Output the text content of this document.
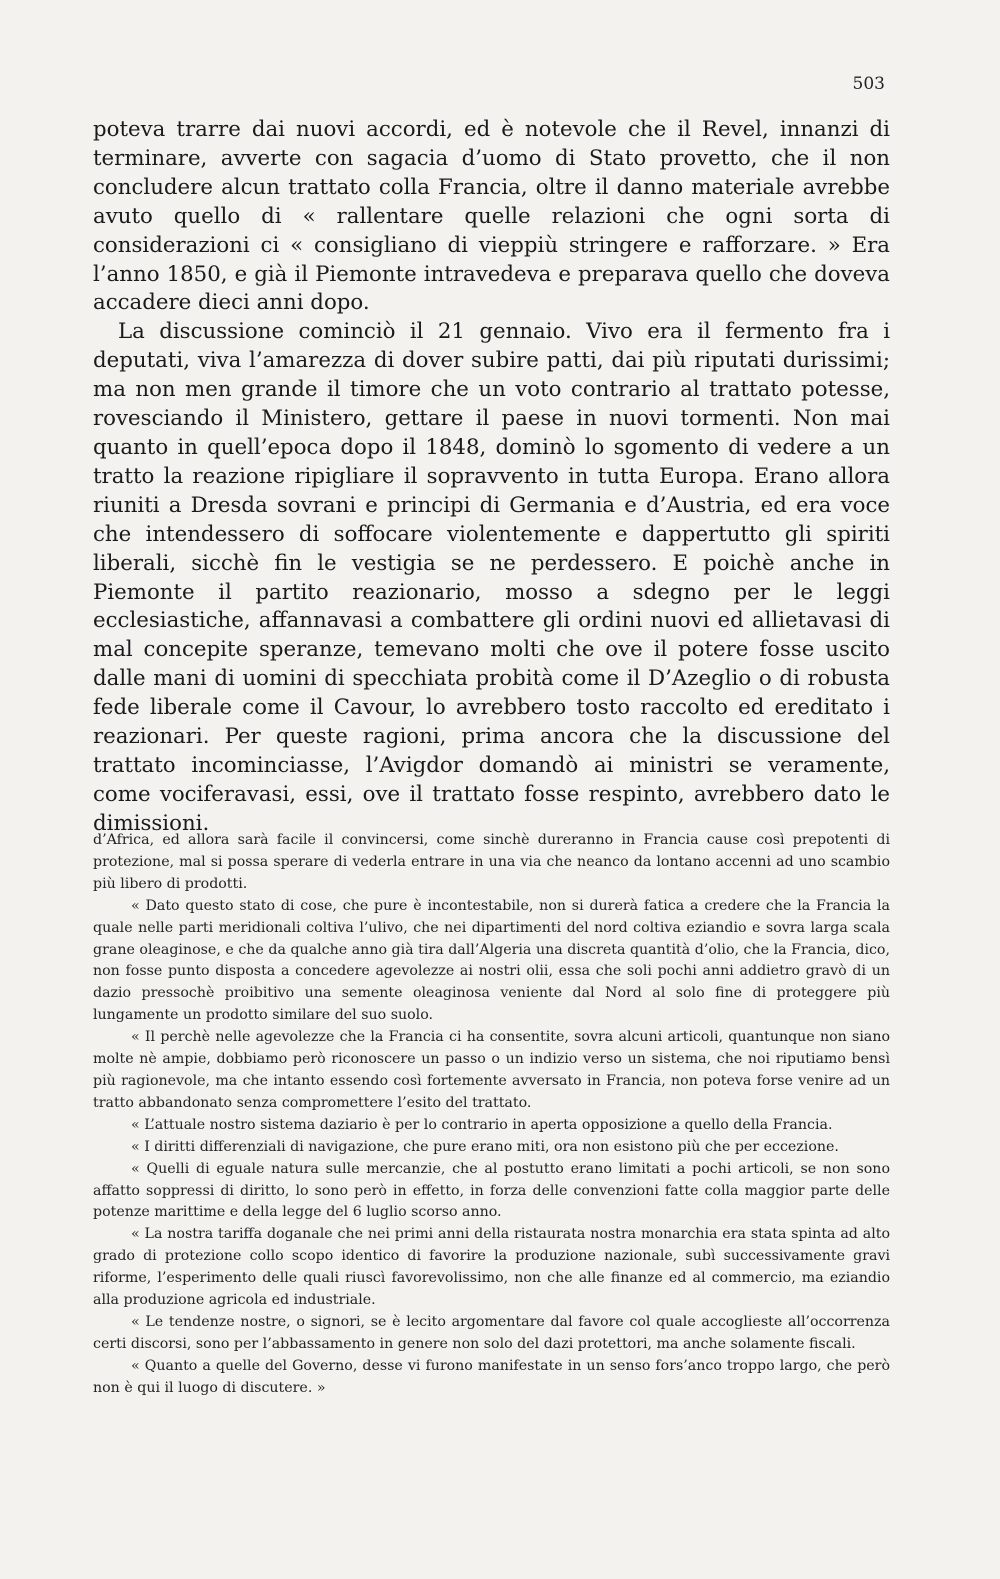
503

poteva trarre dai nuovi accordi, ed è notevole che il Revel, innanzi di terminare, avverte con sagacia d’uomo di Stato provetto, che il non concludere alcun trattato colla Francia, oltre il danno materiale avrebbe avuto quello di « rallentare quelle relazioni che ogni sorta di considerazioni ci « consigliano di vieppiù stringere e rafforzare. » Era l’anno 1850, e già il Piemonte intravedeva e preparava quello che doveva accadere dieci anni dopo.

La discussione cominciò il 21 gennaio. Vivo era il fermento fra i deputati, viva l’amarezza di dover subire patti, dai più riputati durissimi; ma non men grande il timore che un voto contrario al trattato potesse, rovesciando il Ministero, gettare il paese in nuovi tormenti. Non mai quanto in quell’epoca dopo il 1848, dominò lo sgomento di vedere a un tratto la reazione ripigliare il sopravvento in tutta Europa. Erano allora riuniti a Dresda sovrani e principi di Germania e d’Austria, ed era voce che intendessero di soffocare violentemente e dappertutto gli spiriti liberali, sicchè fin le vestigia se ne perdessero. E poichè anche in Piemonte il partito reazionario, mosso a sdegno per le leggi ecclesiastiche, affannavasi a combattere gli ordini nuovi ed allietavasi di mal concepite speranze, temevano molti che ove il potere fosse uscito dalle mani di uomini di specchiata probità come il D’Azeglio o di robusta fede liberale come il Cavour, lo avrebbero tosto raccolto ed ereditato i reazionari. Per queste ragioni, prima ancora che la discussione del trattato incominciasse, l’Avigdor domandò ai ministri se veramente, come vociferavasi, essi, ove il trattato fosse respinto, avrebbero dato le dimissioni.

d’Africa, ed allora sarà facile il convincersi, come sinchè dureranno in Francia cause così prepotenti di protezione, mal si possa sperare di vederla entrare in una via che neanco da lontano accenni ad uno scambio più libero di prodotti.

« Dato questo stato di cose, che pure è incontestabile, non si durerà fatica a credere che la Francia la quale nelle parti meridionali coltiva l’ulivo, che nei dipartimenti del nord coltiva eziandio e sovra larga scala grane oleaginose, e che da qualche anno già tira dall’Algeria una discreta quantità d’olio, che la Francia, dico, non fosse punto disposta a concedere agevolezze ai nostri olii, essa che soli pochi anni addietro gravò di un dazio pressochè proibitivo una semente oleaginosa veniente dal Nord al solo fine di proteggere più lungamente un prodotto similare del suo suolo.

« Il perchè nelle agevolezze che la Francia ci ha consentite, sovra alcuni articoli, quantunque non siano molte nè ampie, dobbiamo però riconoscere un passo o un indizio verso un sistema, che noi riputiamo bensì più ragionevole, ma che intanto essendo così fortemente avversato in Francia, non poteva forse venire ad un tratto abbandonato senza compromettere l’esito del trattato.

« L’attuale nostro sistema daziario è per lo contrario in aperta opposizione a quello della Francia.

« I diritti differenziali di navigazione, che pure erano miti, ora non esistono più che per eccezione.

« Quelli di eguale natura sulle mercanzie, che al postutto erano limitati a pochi articoli, se non sono affatto soppressi di diritto, lo sono però in effetto, in forza delle convenzioni fatte colla maggior parte delle potenze marittime e della legge del 6 luglio scorso anno.

« La nostra tariffa doganale che nei primi anni della ristaurata nostra monarchia era stata spinta ad alto grado di protezione collo scopo identico di favorire la produzione nazionale, subì successivamente gravi riforme, l’esperimento delle quali riuscì favorevolissimo, non che alle finanze ed al commercio, ma eziandio alla produzione agricola ed industriale.

« Le tendenze nostre, o signori, se è lecito argomentare dal favore col quale accoglieste all’occorrenza certi discorsi, sono per l’abbassamento in genere non solo del dazi protettori, ma anche solamente fiscali.

« Quanto a quelle del Governo, desse vi furono manifestate in un senso fors’anco troppo largo, che però non è qui il luogo di discutere. »
